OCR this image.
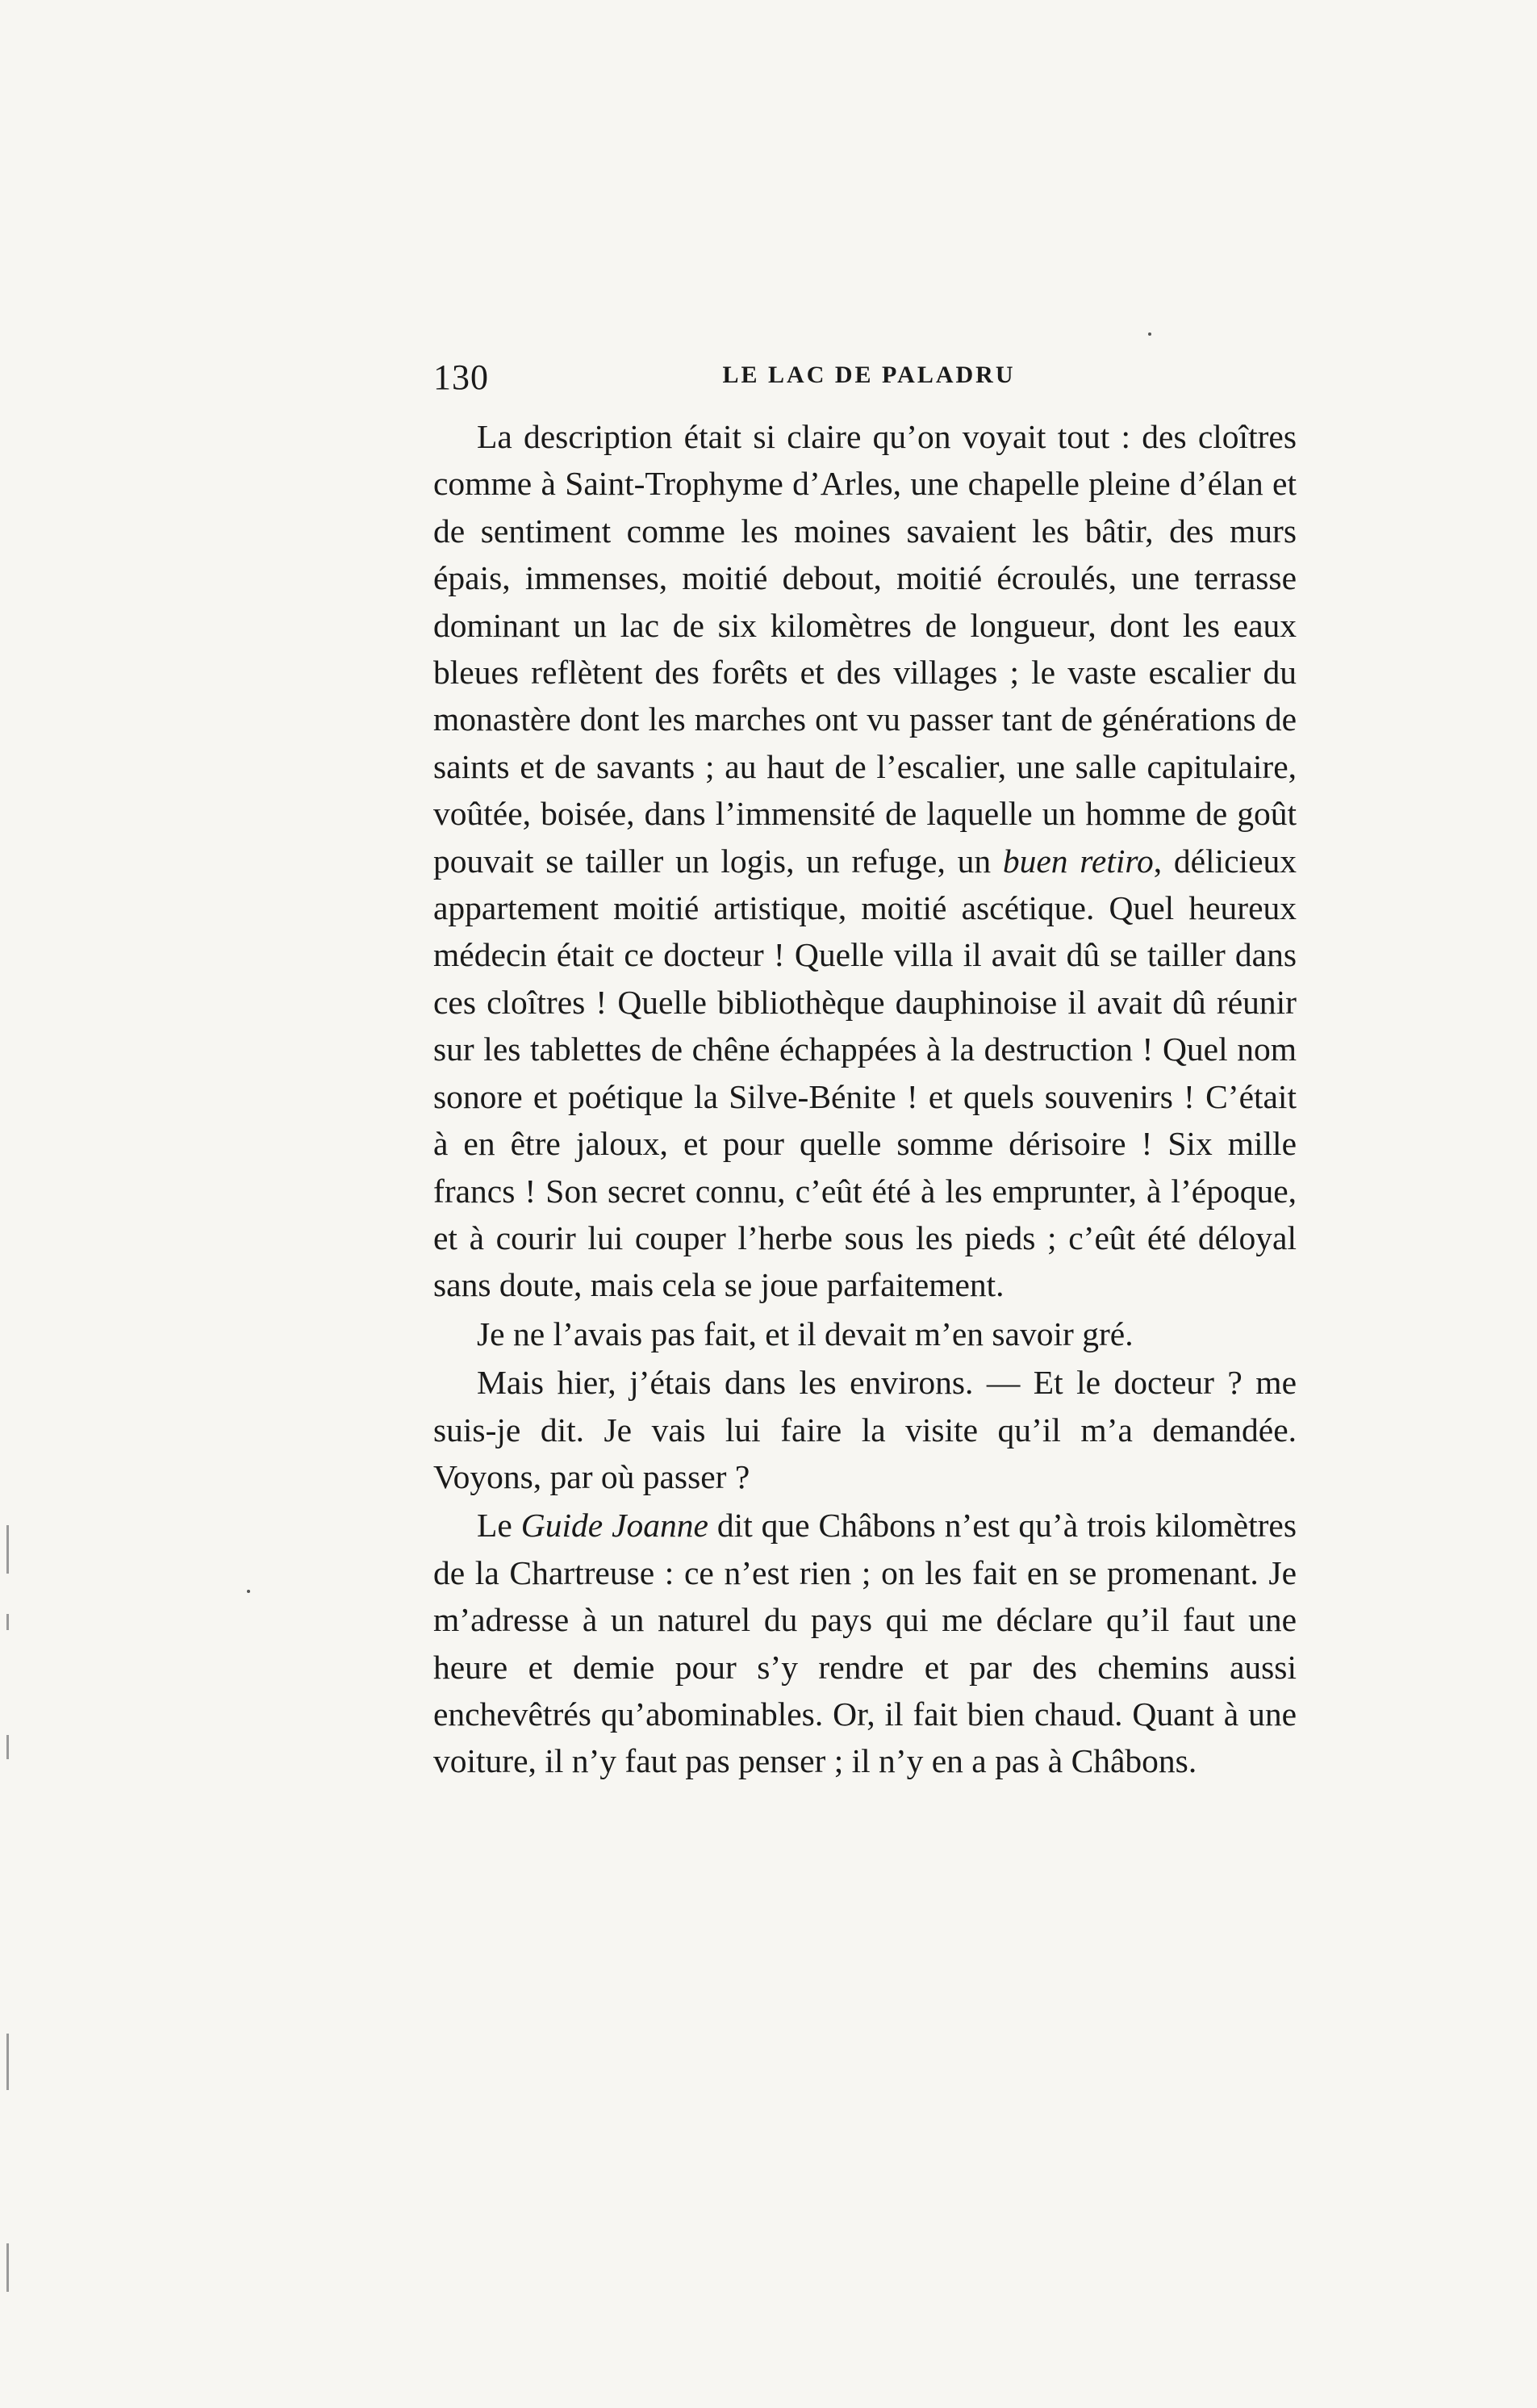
130	LE LAC DE PALADRU

La description était si claire qu’on voyait tout : des cloîtres comme à Saint-Trophyme d’Arles, une chapelle pleine d’élan et de sentiment comme les moines savaient les bâtir, des murs épais, immenses, moitié debout, moitié écroulés, une terrasse dominant un lac de six kilomètres de longueur, dont les eaux bleues reflètent des forêts et des villages ; le vaste escalier du monastère dont les marches ont vu passer tant de générations de saints et de savants ; au haut de l’escalier, une salle capitulaire, voûtée, boisée, dans l’immensité de laquelle un homme de goût pouvait se tailler un logis, un refuge, un buen retiro, délicieux appartement moitié artistique, moitié ascétique. Quel heureux médecin était ce docteur ! Quelle villa il avait dû se tailler dans ces cloîtres ! Quelle bibliothèque dauphinoise il avait dû réunir sur les tablettes de chêne échappées à la destruction ! Quel nom sonore et poétique la Silve-Bénite ! et quels souvenirs ! C’était à en être jaloux, et pour quelle somme dérisoire ! Six mille francs ! Son secret connu, c’eût été à les emprunter, à l’époque, et à courir lui couper l’herbe sous les pieds ; c’eût été déloyal sans doute, mais cela se joue parfaitement.

Je ne l’avais pas fait, et il devait m’en savoir gré.

Mais hier, j’étais dans les environs. — Et le docteur ? me suis-je dit. Je vais lui faire la visite qu’il m’a demandée. Voyons, par où passer ?

Le Guide Joanne dit que Châbons n’est qu’à trois kilomètres de la Chartreuse : ce n’est rien ; on les fait en se promenant. Je m’adresse à un naturel du pays qui me déclare qu’il faut une heure et demie pour s’y rendre et par des chemins aussi enchevêtrés qu’abominables. Or, il fait bien chaud. Quant à une voiture, il n’y faut pas penser ; il n’y en a pas à Châbons.
